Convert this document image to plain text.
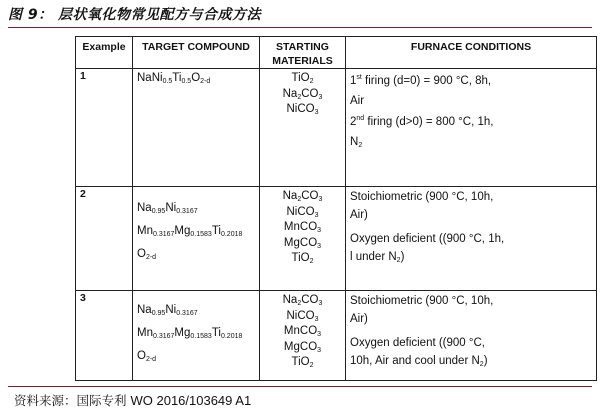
图 9： 层状氧化物常见配方与合成方法
Example	TARGET COMPOUND	STARTING MATERIALS	FURNACE CONDITIONS
1	$NaNi_{0.5}Ti_{0.5}O_{2-d}$	TiO$_2$
$Na_2CO_3$
NiCO$_3$	1st firing (d=0) = 900 °C, 8h,
Air
2nd firing (d>0) = 800 °C, 1h,
$N_2$

2	$Na_{0.95}Ni_{0.3167}$
$Mn_{0.3167}Mg_{0.1583}Ti_{0.2018}$
$O_{2-d}$	$Na_2CO_3$
NiCO$_3$
MnCO$_3$
MgCO$_3$
TiO$_2$	Stoichiometric (900 °C, 10h,
Air)
Oxygen deficient ((900 °C, 1h,
l under $N_2$)

3	$Na_{0.95}Ni_{0.3167}$
$Mn_{0.3167}Mg_{0.1583}Ti_{0.2018}$
$O_{2-d}$	$Na_2CO_3$
NiCO$_3$
MnCO$_3$
MgCO$_3$
TiO$_2$	Stoichiometric (900 °C, 10h,
Air)
Oxygen deficient ((900 °C,
10h, Air and cool under $N_2$)
资料来源：国际专利 WO 2016/103649 A1
